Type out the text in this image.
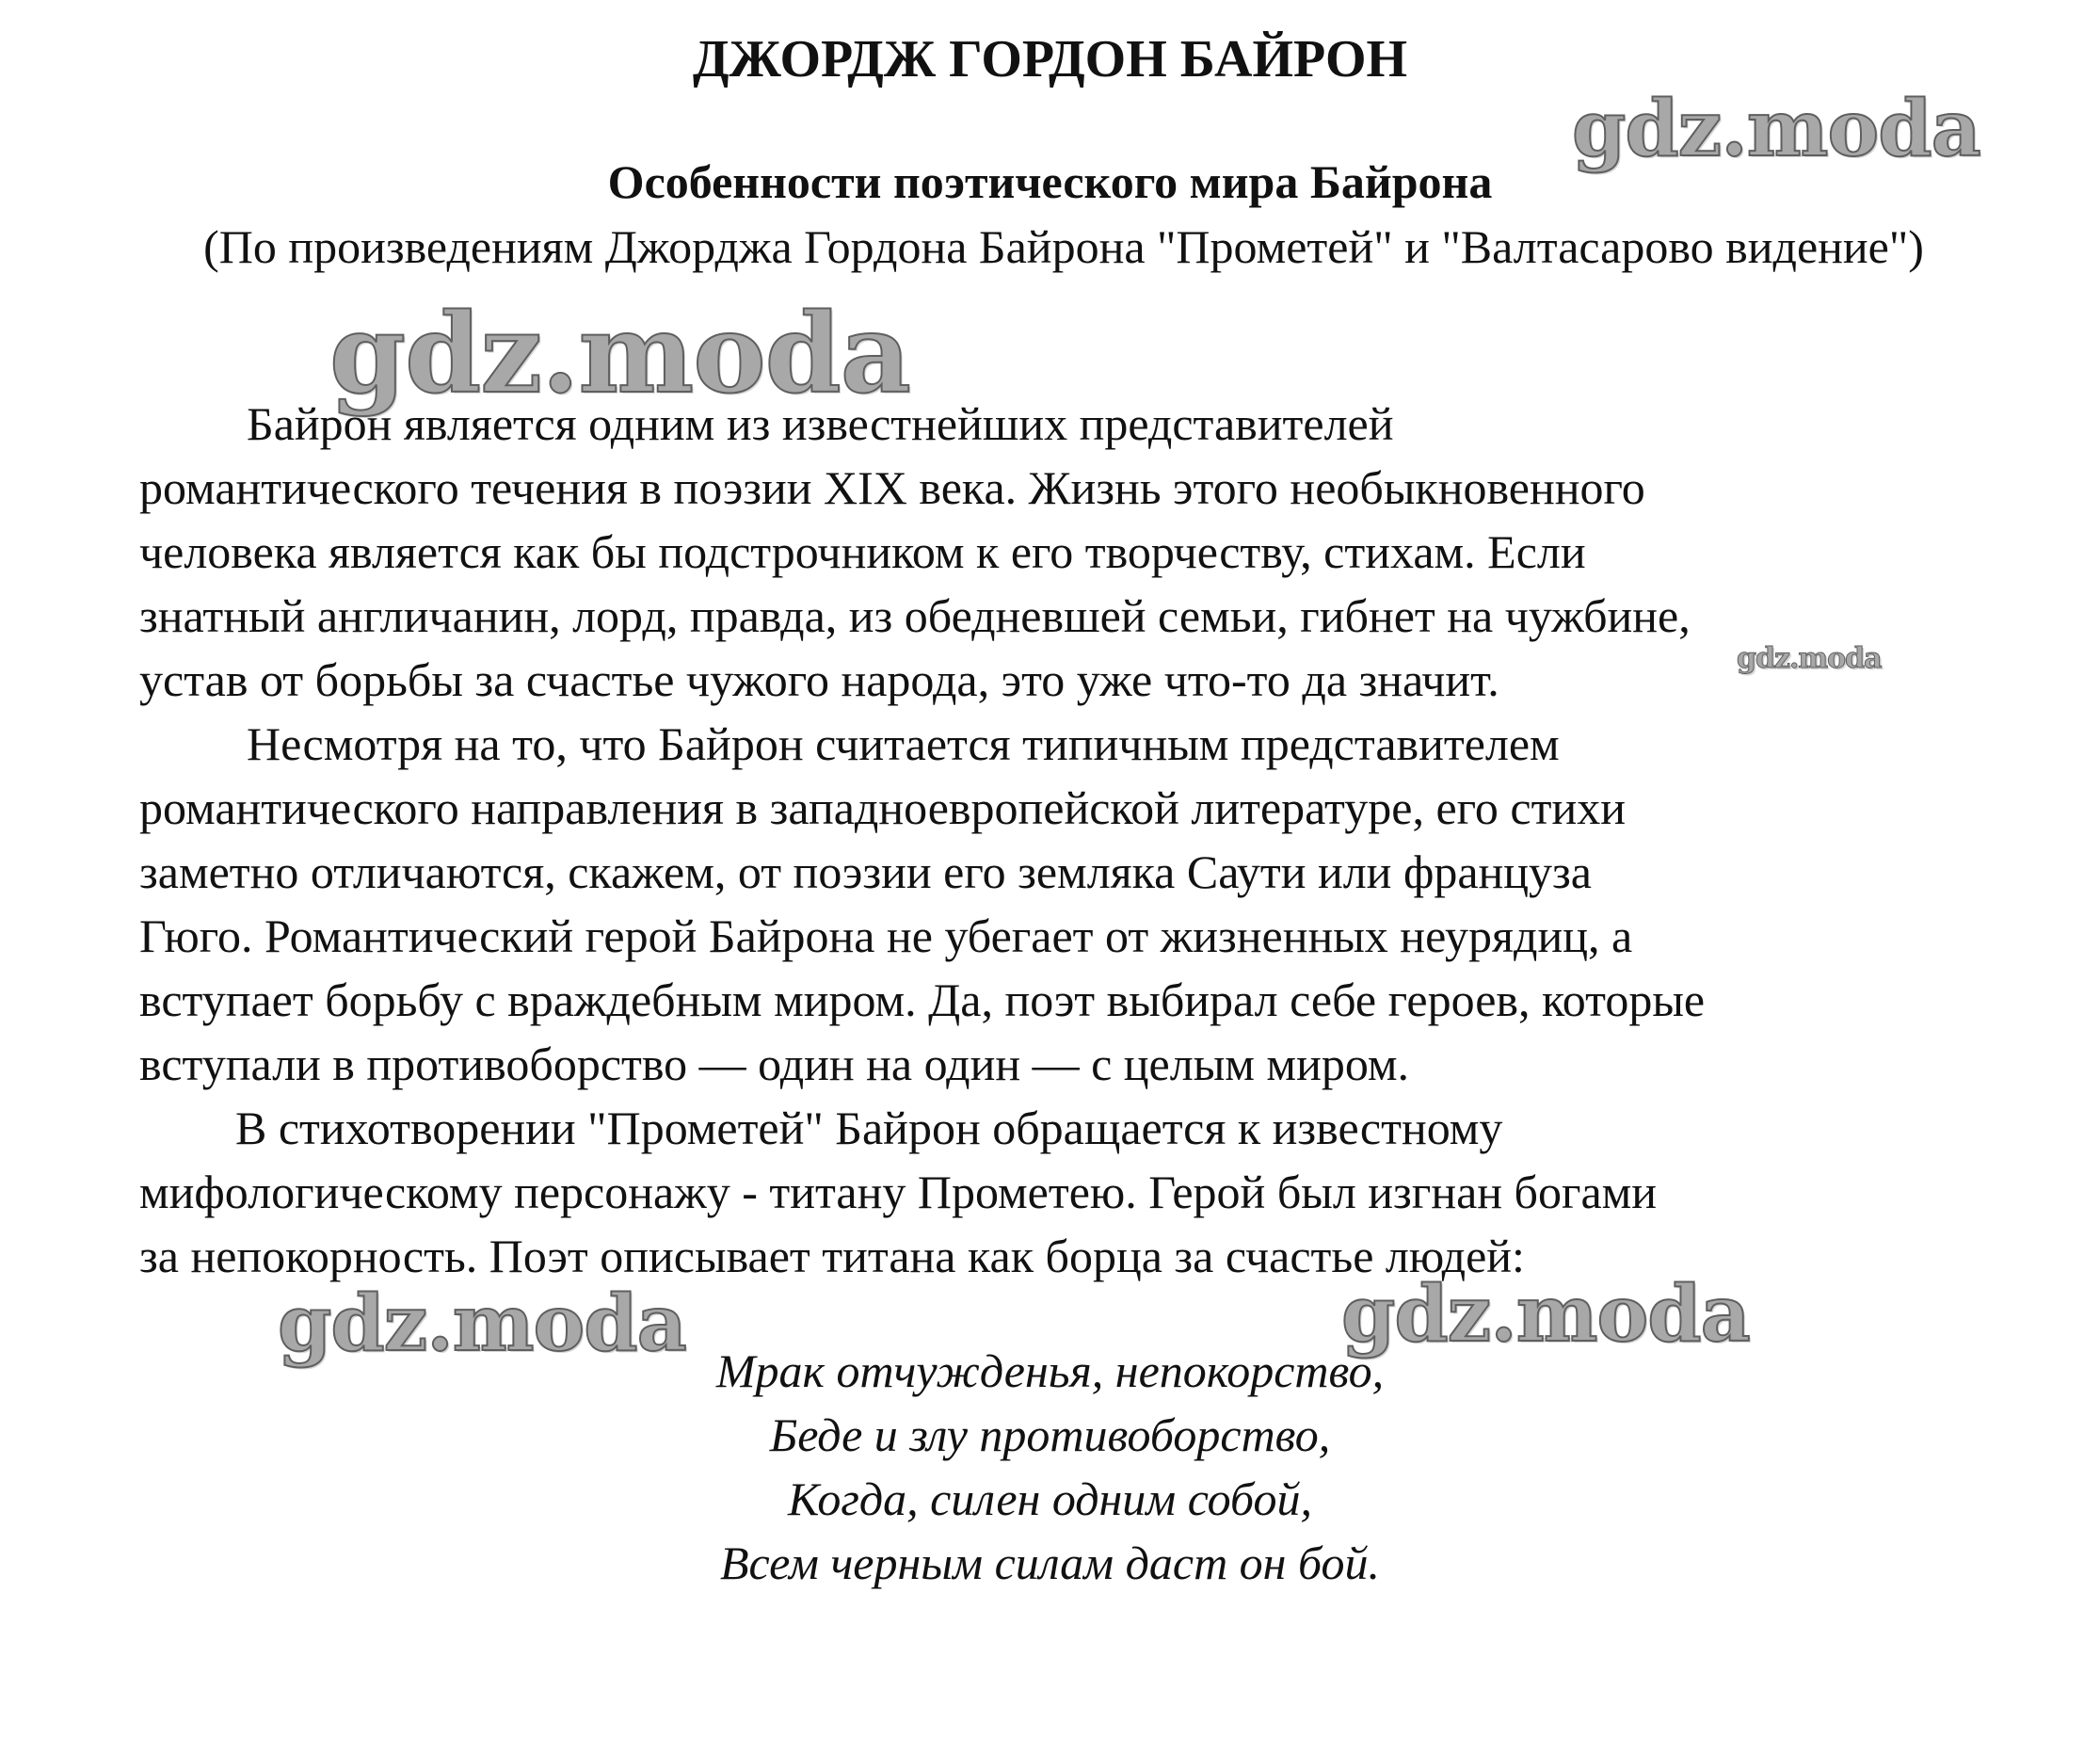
ДЖОРДЖ ГОРДОН БАЙРОН
Особенности поэтического мира Байрона
(По произведениям Джорджа Гордона Байрона "Прометей" и "Валтасарово видение")
Байрон является одним из известнейших представителей
романтического течения в поэзии XIX века. Жизнь этого необыкновенного
человека является как бы подстрочником к его творчеству, стихам. Если
знатный англичанин, лорд, правда, из обедневшей семьи, гибнет на чужбине,
устав от борьбы за счастье чужого народа, это уже что-то да значит.
Несмотря на то, что Байрон считается типичным представителем
романтического направления в западноевропейской литературе, его стихи
заметно отличаются, скажем, от поэзии его земляка Саути или француза
Гюго. Романтический герой Байрона не убегает от жизненных неурядиц, а
вступает борьбу с враждебным миром. Да, поэт выбирал себе героев, которые
вступали в противоборство — один на один — с целым миром.
В стихотворении "Прометей" Байрон обращается к известному
мифологическому персонажу - титану Прометею. Герой был изгнан богами
за непокорность. Поэт описывает титана как борца за счастье людей:
Мрак отчужденья, непокорство,
Беде и злу противоборство,
Когда, силен одним собой,
Всем черным силам даст он бой.
gdz.moda
gdz.moda
gdz.moda
gdz.moda	gdz.moda
